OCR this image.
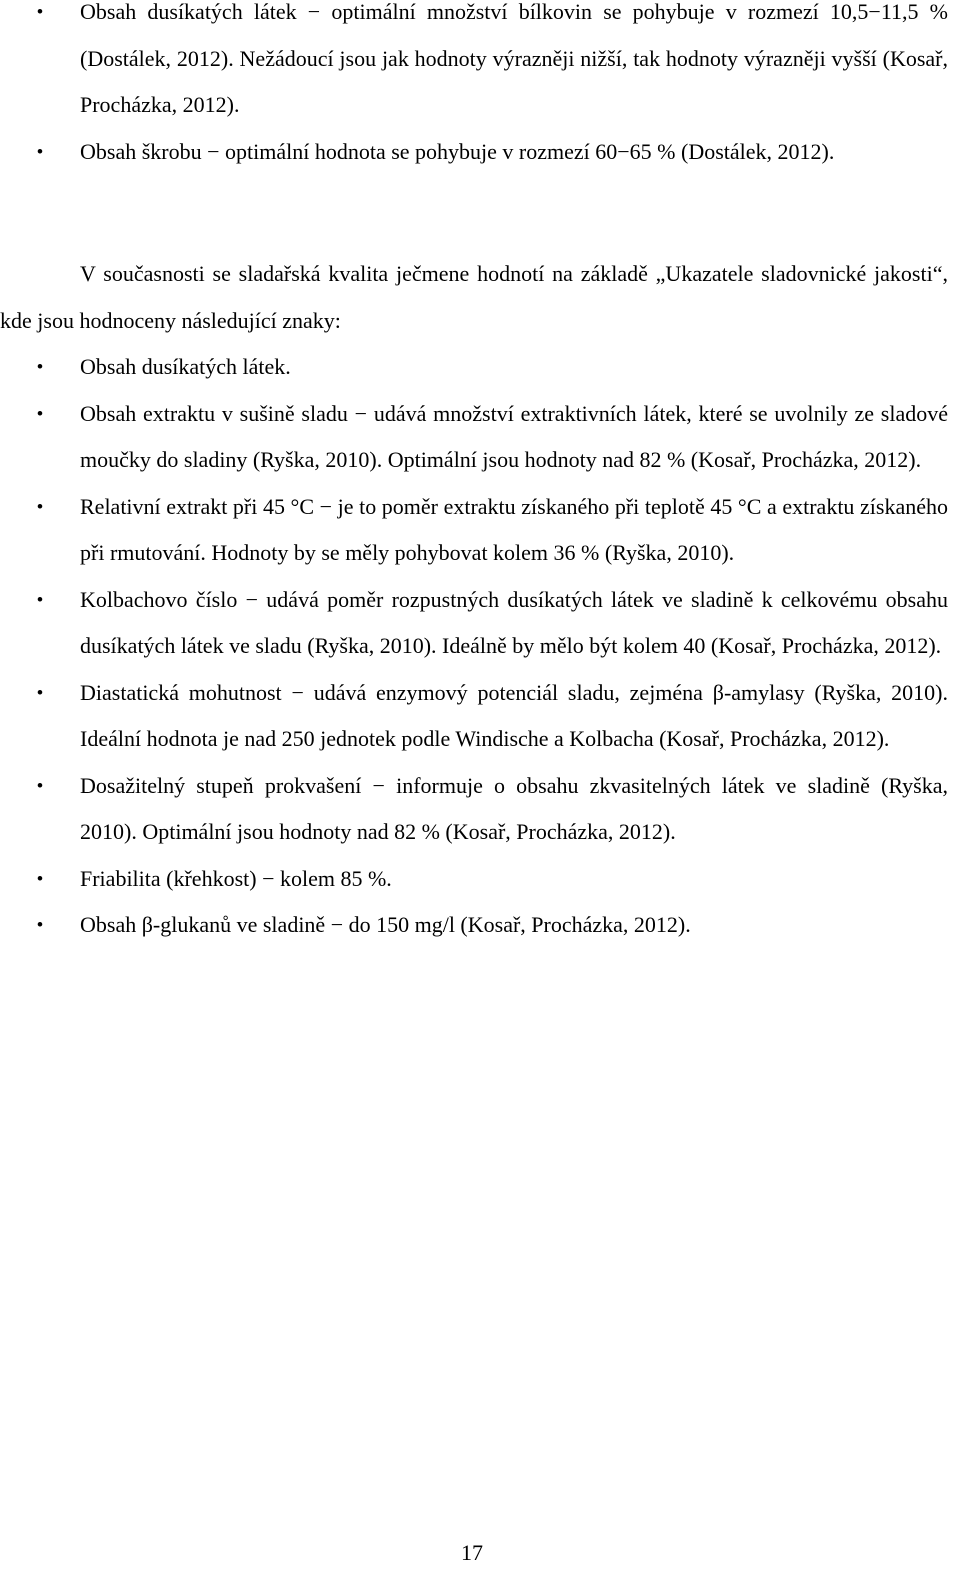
• Obsah dusíkatých látek − optimální množství bílkovin se pohybuje v rozmezí 10,5−11,5 % (Dostálek, 2012). Nežádoucí jsou jak hodnoty výrazněji nižší, tak hodnoty výrazněji vyšší (Kosař, Procházka, 2012).
• Obsah škrobu − optimální hodnota se pohybuje v rozmezí 60−65 % (Dostálek, 2012).

V současnosti se sladařská kvalita ječmene hodnotí na základě „Ukazatele sladovnické jakosti“, kde jsou hodnoceny následující znaky:

• Obsah dusíkatých látek.
• Obsah extraktu v sušině sladu − udává množství extraktivních látek, které se uvolnily ze sladové moučky do sladiny (Ryška, 2010). Optimální jsou hodnoty nad 82 % (Kosař, Procházka, 2012).
• Relativní extrakt při 45 °C − je to poměr extraktu získaného při teplotě 45 °C a extraktu získaného při rmutování. Hodnoty by se měly pohybovat kolem 36 % (Ryška, 2010).
• Kolbachovo číslo − udává poměr rozpustných dusíkatých látek ve sladině k celkovému obsahu dusíkatých látek ve sladu (Ryška, 2010). Ideálně by mělo být kolem 40 (Kosař, Procházka, 2012).
• Diastatická mohutnost − udává enzymový potenciál sladu, zejména β-amylasy (Ryška, 2010). Ideální hodnota je nad 250 jednotek podle Windische a Kolbacha (Kosař, Procházka, 2012).
• Dosažitelný stupeň prokvašení − informuje o obsahu zkvasitelných látek ve sladině (Ryška, 2010). Optimální jsou hodnoty nad 82 % (Kosař, Procházka, 2012).
• Friabilita (křehkost) − kolem 85 %.
• Obsah β-glukanů ve sladině − do 150 mg/l (Kosař, Procházka, 2012).
17
